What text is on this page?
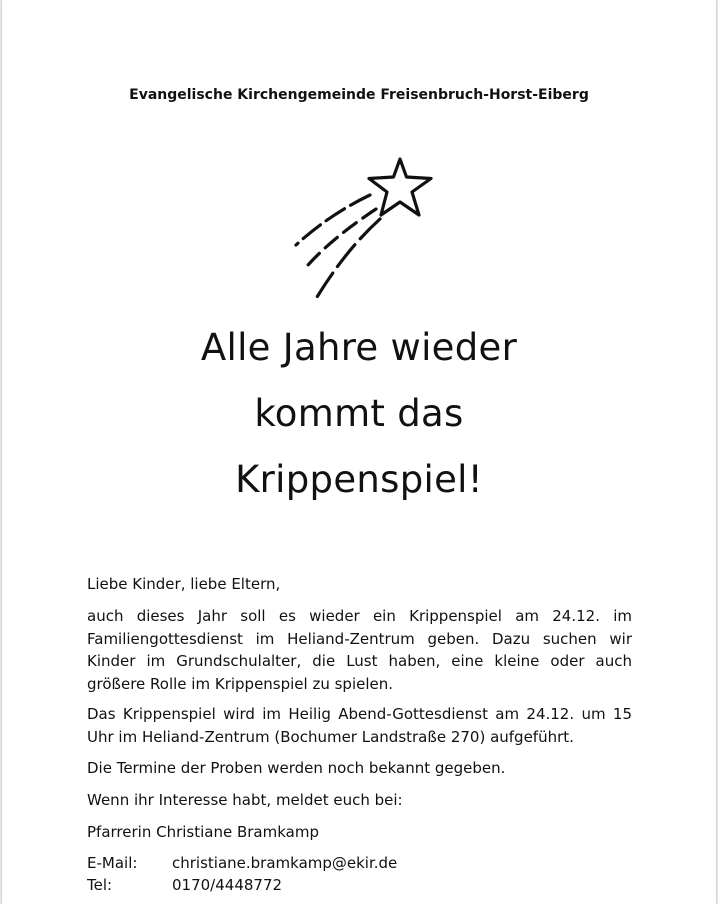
Evangelische Kirchengemeinde Freisenbruch-Horst-Eiberg
Alle Jahre wieder
kommt das
Krippenspiel!
Liebe Kinder, liebe Eltern,
auch dieses Jahr soll es wieder ein Krippenspiel am 24.12. im Familiengottesdienst im Heliand-Zentrum geben. Dazu suchen wir Kinder im Grundschulalter, die Lust haben, eine kleine oder auch größere Rolle im Krippenspiel zu spielen.
Das Krippenspiel wird im Heilig Abend-Gottesdienst am 24.12. um 15 Uhr im Heliand-Zentrum (Bochumer Landstraße 270) aufgeführt.
Die Termine der Proben werden noch bekannt gegeben.
Wenn ihr Interesse habt, meldet euch bei:
Pfarrerin Christiane Bramkamp
E-Mail: christiane.bramkamp@ekir.de
Tel:	0170/4448772
